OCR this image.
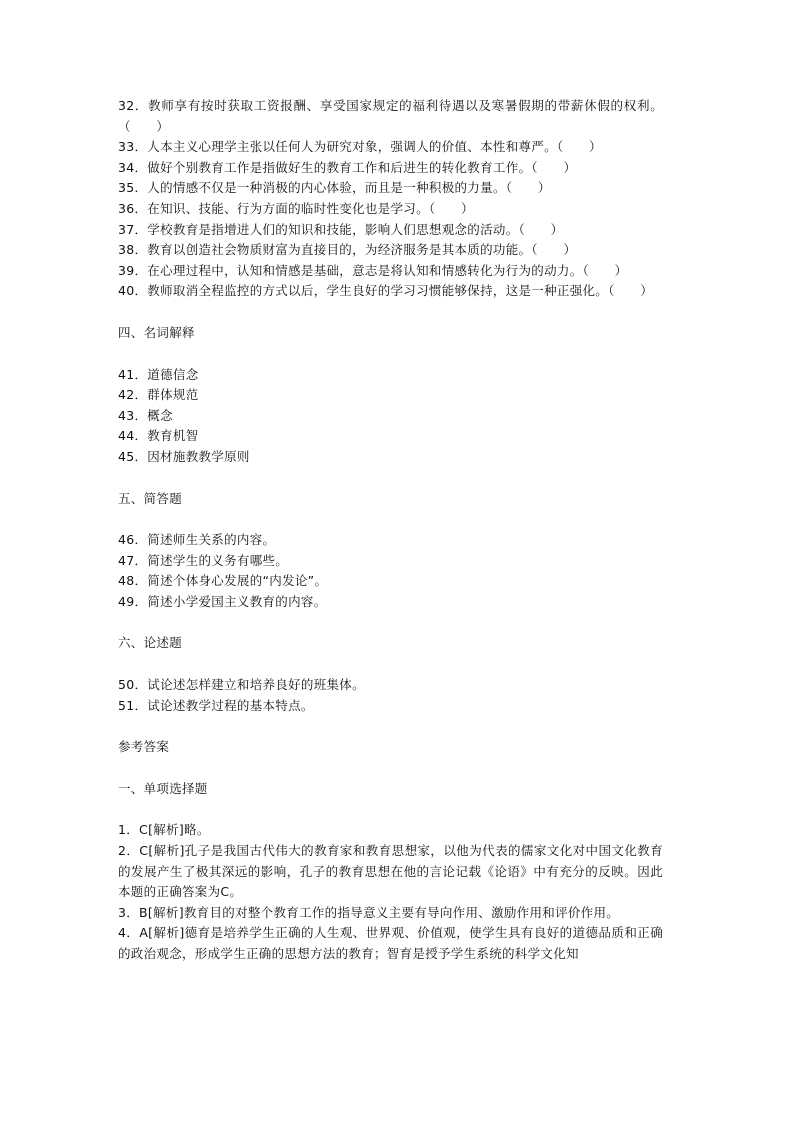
32．教师享有按时获取工资报酬、享受国家规定的福利待遇以及寒暑假期的带薪休假的权利。（　　）

33．人本主义心理学主张以任何人为研究对象，强调人的价值、本性和尊严。（　　）

34．做好个别教育工作是指做好生的教育工作和后进生的转化教育工作。（　　）

35．人的情感不仅是一种消极的内心体验，而且是一种积极的力量。（　　）

36．在知识、技能、行为方面的临时性变化也是学习。（　　）

37．学校教育是指增进人们的知识和技能，影响人们思想观念的活动。（　　）

38．教育以创造社会物质财富为直接目的，为经济服务是其本质的功能。（　　）

39．在心理过程中，认知和情感是基础，意志是将认知和情感转化为行为的动力。（　　）

40．教师取消全程监控的方式以后，学生良好的学习习惯能够保持，这是一种正强化。（　　）

四、名词解释

41．道德信念

42．群体规范

43．概念

44．教育机智

45．因材施教教学原则

五、简答题

46．简述师生关系的内容。

47．简述学生的义务有哪些。

48．简述个体身心发展的“内发论”。

49．简述小学爱国主义教育的内容。

六、论述题

50．试论述怎样建立和培养良好的班集体。

51．试论述教学过程的基本特点。

参考答案

一、单项选择题

1．C[解析]略。

2．C[解析]孔子是我国古代伟大的教育家和教育思想家，以他为代表的儒家文化对中国文化教育的发展产生了极其深远的影响，孔子的教育思想在他的言论记载《论语》中有充分的反映。因此本题的正确答案为C。

3．B[解析]教育目的对整个教育工作的指导意义主要有导向作用、激励作用和评价作用。

4．A[解析]德育是培养学生正确的人生观、世界观、价值观，使学生具有良好的道德品质和正确的政治观念，形成学生正确的思想方法的教育；智育是授予学生系统的科学文化知
